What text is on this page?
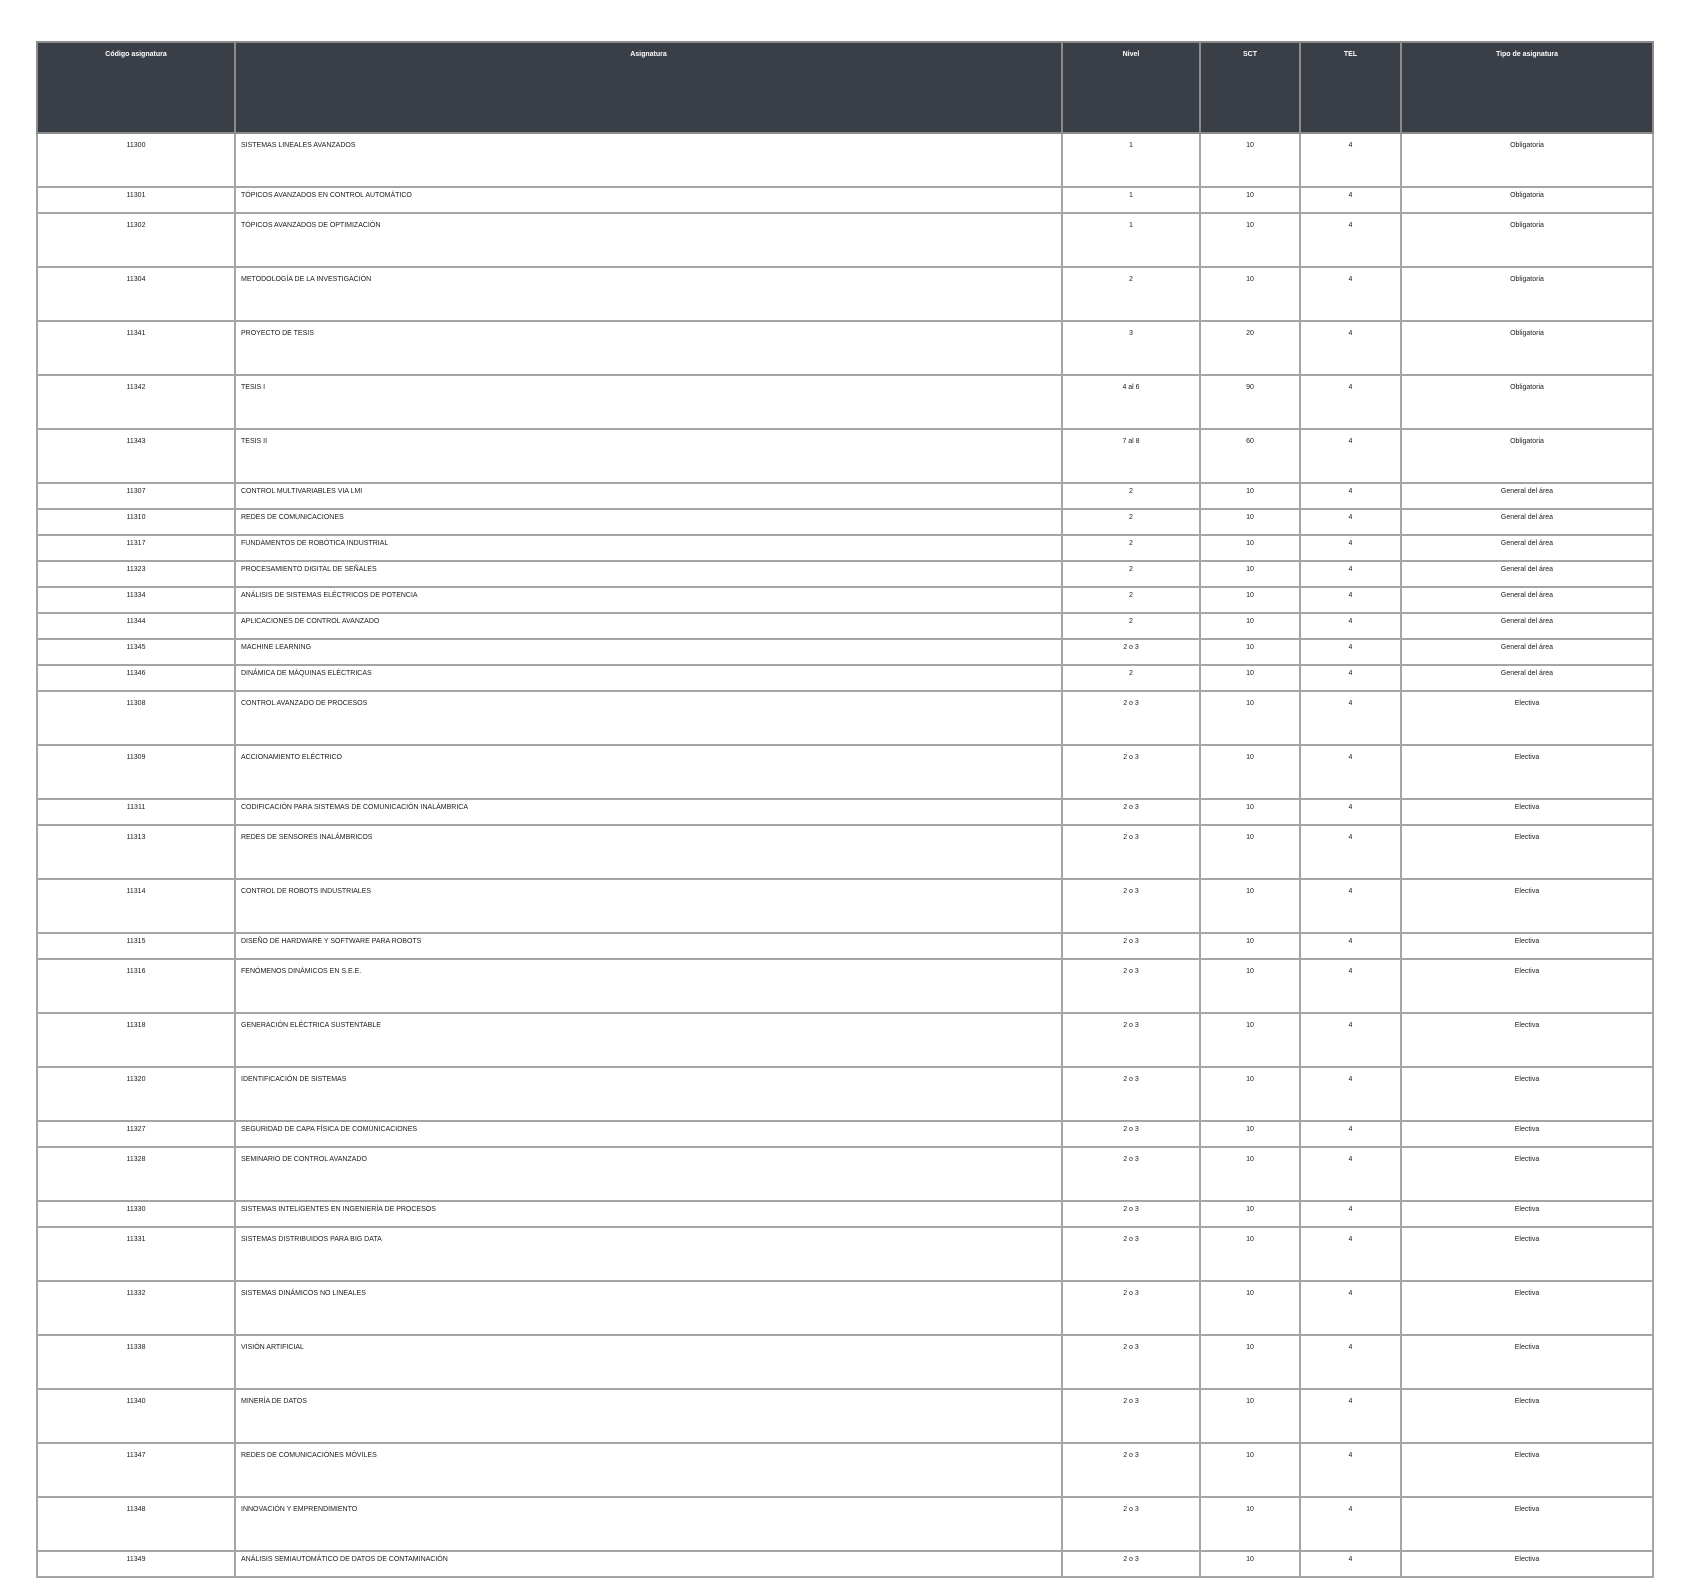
Código asignatura	Asignatura	Nivel	SCT	TEL	Tipo de asignatura
11300	SISTEMAS LINEALES AVANZADOS	1	10	4	Obligatoria
11301	TÓPICOS AVANZADOS EN CONTROL AUTOMÁTICO	1	10	4	Obligatoria
11302	TÓPICOS AVANZADOS DE OPTIMIZACIÓN	1	10	4	Obligatoria
11304	METODOLOGÍA DE LA INVESTIGACIÓN	2	10	4	Obligatoria
11341	PROYECTO DE TESIS	3	20	4	Obligatoria
11342	TESIS I	4 al 6	90	4	Obligatoria
11343	TESIS II	7 al 8	60	4	Obligatoria
11307	CONTROL MULTIVARIABLES VIA LMI	2	10	4	General del área
11310	REDES DE COMUNICACIONES	2	10	4	General del área
11317	FUNDAMENTOS DE ROBÓTICA INDUSTRIAL	2	10	4	General del área
11323	PROCESAMIENTO DIGITAL DE SEÑALES	2	10	4	General del área
11334	ANÁLISIS DE SISTEMAS ELÉCTRICOS DE POTENCIA	2	10	4	General del área
11344	APLICACIONES DE CONTROL AVANZADO	2	10	4	General del área
11345	MACHINE LEARNING	2 o 3	10	4	General del área
11346	DINÁMICA DE MÁQUINAS ELÉCTRICAS	2	10	4	General del área
11308	CONTROL AVANZADO DE PROCESOS	2 o 3	10	4	Electiva
11309	ACCIONAMIENTO ELÉCTRICO	2 o 3	10	4	Electiva
11311	CODIFICACIÓN PARA SISTEMAS DE COMUNICACIÓN INALÁMBRICA	2 o 3	10	4	Electiva
11313	REDES DE SENSORES INALÁMBRICOS	2 o 3	10	4	Electiva
11314	CONTROL DE ROBOTS INDUSTRIALES	2 o 3	10	4	Electiva
11315	DISEÑO DE HARDWARE Y SOFTWARE PARA ROBOTS	2 o 3	10	4	Electiva
11316	FENÓMENOS DINÁMICOS EN S.E.E.	2 o 3	10	4	Electiva
11318	GENERACIÓN ELÉCTRICA SUSTENTABLE	2 o 3	10	4	Electiva
11320	IDENTIFICACIÓN DE SISTEMAS	2 o 3	10	4	Electiva
11327	SEGURIDAD DE CAPA FÍSICA DE COMUNICACIONES	2 o 3	10	4	Electiva
11328	SEMINARIO DE CONTROL AVANZADO	2 o 3	10	4	Electiva
11330	SISTEMAS INTELIGENTES EN INGENIERÍA DE PROCESOS	2 o 3	10	4	Electiva
11331	SISTEMAS DISTRIBUIDOS PARA BIG DATA	2 o 3	10	4	Electiva
11332	SISTEMAS DINÁMICOS NO LINEALES	2 o 3	10	4	Electiva
11338	VISIÓN ARTIFICIAL	2 o 3	10	4	Electiva
11340	MINERÍA DE DATOS	2 o 3	10	4	Electiva
11347	REDES DE COMUNICACIONES MÓVILES	2 o 3	10	4	Electiva
11348	INNOVACIÓN Y EMPRENDIMIENTO	2 o 3	10	4	Electiva
11349	ANÁLISIS SEMIAUTOMÁTICO DE DATOS DE CONTAMINACIÓN	2 o 3	10	4	Electiva
